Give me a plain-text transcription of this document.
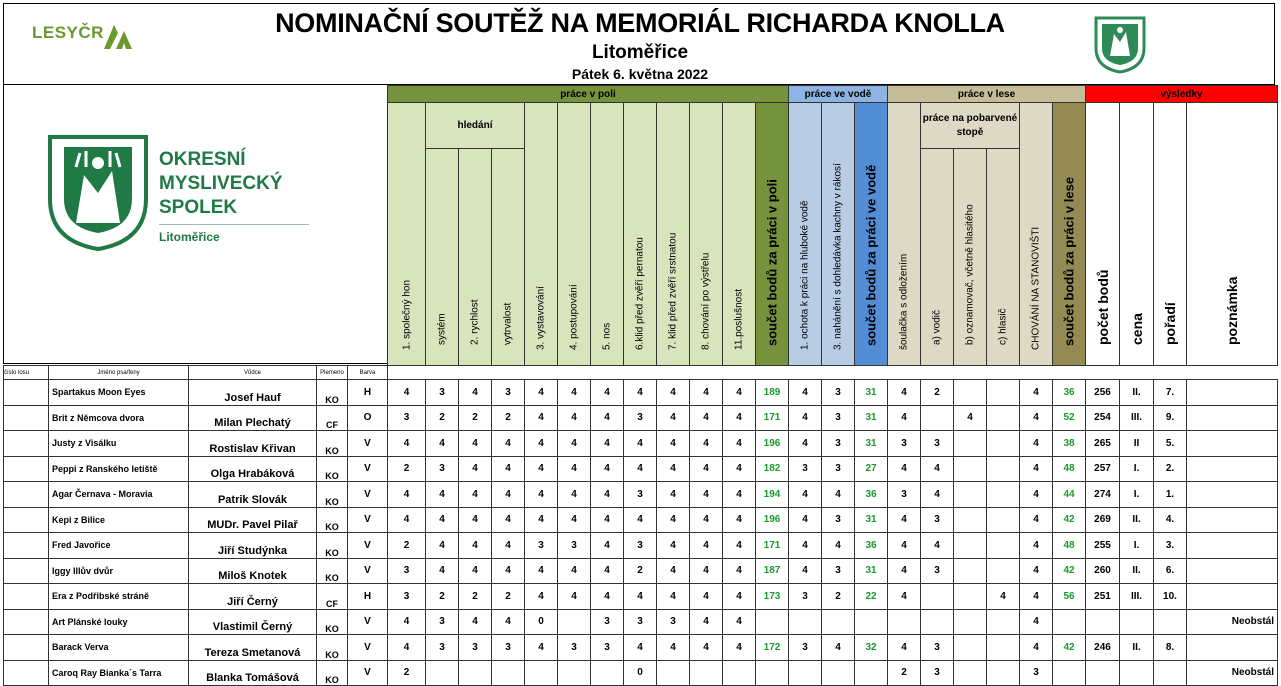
LESYČR	NOMINAČNÍ SOUTĚŽ NA MEMORIÁL RICHARDA KNOLLA
Litoměřice
Pátek 6. května 2022
OKRESNÍ
MYSLIVECKÝ
SPOLEK
Litoměřice
					práce v poli												práce ve vodě			práce v lese						výsledky			

					1. společný hon	hledání			3. vystavování	4. postupování	5. nos	6.klid před zvěří pernatou	7. klid před zvěří srstnatou	8. chování po výstřelu	11.poslušnost	součet bodů za práci v poli	1. ochota k práci na hluboké vodě	3. nahánění s dohledávka kachny v rákosí	součet bodů za práci ve vodě	šoulačka s odložením	práce na pobarvené stopě			CHOVÁNÍ NA STANOVIŠTI	součet bodů za práci v lese	počet bodů	cena	pořadí	poznámka

						systém	2. rychlost	vytrvalost													a) vodič	b) oznamovač, včetně hlasitého	c) hlasič						

číslo losu	Jméno psa/feny	Vůdce	Plemeno	Barva																									
	Spartakus Moon Eyes	Josef Hauf	KO	H	4	3	4	3	4	4	4	4	4	4	4	189	4	3	31	4	2			4	36	256	II.	7.	
	Brit z Němcova dvora	Milan Plechatý	CF	O	3	2	2	2	4	4	4	3	4	4	4	171	4	3	31	4		4		4	52	254	III.	9.	
	Justy z Visálku	Rostislav Křivan	KO	V	4	4	4	4	4	4	4	4	4	4	4	196	4	3	31	3	3			4	38	265	II	5.	
	Peppi z Ranského letiště	Olga Hrabáková	KO	V	2	3	4	4	4	4	4	4	4	4	4	182	3	3	27	4	4			4	48	257	I.	2.	
	Agar Černava - Moravia	Patrik Slovák	KO	V	4	4	4	4	4	4	4	3	4	4	4	194	4	4	36	3	4			4	44	274	I.	1.	
	Kepi z Bilice	MUDr. Pavel Pilař	KO	V	4	4	4	4	4	4	4	4	4	4	4	196	4	3	31	4	3			4	42	269	II.	4.	
	Fred Javořice	Jiří Studýnka	KO	V	2	4	4	4	3	3	4	3	4	4	4	171	4	4	36	4	4			4	48	255	I.	3.	
	Iggy Illův dvůr	Miloš Knotek	KO	V	3	4	4	4	4	4	4	2	4	4	4	187	4	3	31	4	3			4	42	260	II.	6.	
	Era z Podřibské stráně	Jiří Černý	CF	H	3	2	2	2	4	4	4	4	4	4	4	173	3	2	22	4			4	4	56	251	III.	10.	
	Art Plánské louky	Vlastimil Černý	KO	V	4	3	4	4	0		3	3	3	4	4									4					Neobstál
	Barack Verva	Tereza Smetanová	KO	V	4	3	3	3	4	3	3	4	4	4	4	172	3	4	32	4	3			4	42	246	II.	8.	
	Caroq Ray Bianka´s Tarra	Blanka Tomášová	KO	V	2							0								2	3			3					Neobstál
